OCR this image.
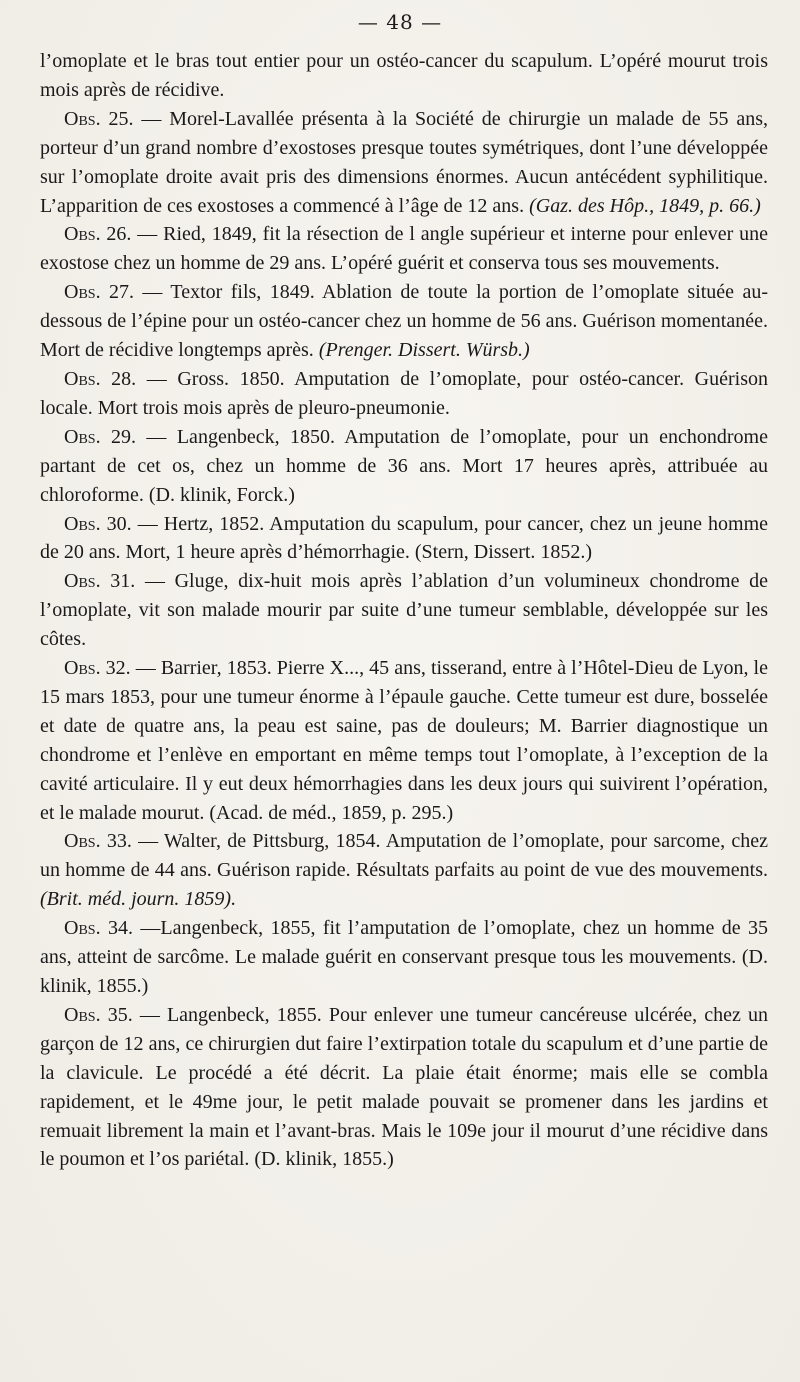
— 48 —

l’omoplate et le bras tout entier pour un ostéo-cancer du scapulum. L’opéré mourut trois mois après de récidive.

Obs. 25. — Morel-Lavallée présenta à la Société de chirurgie un malade de 55 ans, porteur d’un grand nombre d’exostoses presque toutes symétriques, dont l’une développée sur l’omoplate droite avait pris des dimensions énormes. Aucun antécédent syphilitique. L’apparition de ces exostoses a commencé à l’âge de 12 ans. (Gaz. des Hôp., 1849, p. 66.)

Obs. 26. — Ried, 1849, fit la résection de l angle supérieur et interne pour enlever une exostose chez un homme de 29 ans. L’opéré guérit et conserva tous ses mouvements.

Obs. 27. — Textor fils, 1849. Ablation de toute la portion de l’omoplate située au-dessous de l’épine pour un ostéo-cancer chez un homme de 56 ans. Guérison momentanée. Mort de récidive longtemps après. (Prenger. Dissert. Würsb.)

Obs. 28. — Gross. 1850. Amputation de l’omoplate, pour ostéo-cancer. Guérison locale. Mort trois mois après de pleuro-pneumonie.

Obs. 29. — Langenbeck, 1850. Amputation de l’omoplate, pour un enchondrome partant de cet os, chez un homme de 36 ans. Mort 17 heures après, attribuée au chloroforme. (D. klinik, Forck.)

Obs. 30. — Hertz, 1852. Amputation du scapulum, pour cancer, chez un jeune homme de 20 ans. Mort, 1 heure après d’hémorrhagie. (Stern, Dissert. 1852.)

Obs. 31. — Gluge, dix-huit mois après l’ablation d’un volumineux chondrome de l’omoplate, vit son malade mourir par suite d’une tumeur semblable, développée sur les côtes.

Obs. 32. — Barrier, 1853. Pierre X..., 45 ans, tisserand, entre à l’Hôtel-Dieu de Lyon, le 15 mars 1853, pour une tumeur énorme à l’épaule gauche. Cette tumeur est dure, bosselée et date de quatre ans, la peau est saine, pas de douleurs; M. Barrier diagnostique un chondrome et l’enlève en emportant en même temps tout l’omoplate, à l’exception de la cavité articulaire. Il y eut deux hémorrhagies dans les deux jours qui suivirent l’opération, et le malade mourut. (Acad. de méd., 1859, p. 295.)

Obs. 33. — Walter, de Pittsburg, 1854. Amputation de l’omoplate, pour sarcome, chez un homme de 44 ans. Guérison rapide. Résultats parfaits au point de vue des mouvements. (Brit. méd. journ. 1859).

Obs. 34. —Langenbeck, 1855, fit l’amputation de l’omoplate, chez un homme de 35 ans, atteint de sarcôme. Le malade guérit en conservant presque tous les mouvements. (D. klinik, 1855.)

Obs. 35. — Langenbeck, 1855. Pour enlever une tumeur cancéreuse ulcérée, chez un garçon de 12 ans, ce chirurgien dut faire l’extirpation totale du scapulum et d’une partie de la clavicule. Le procédé a été décrit. La plaie était énorme; mais elle se combla rapidement, et le 49me jour, le petit malade pouvait se promener dans les jardins et remuait librement la main et l’avant-bras. Mais le 109e jour il mourut d’une récidive dans le poumon et l’os pariétal. (D. klinik, 1855.)
